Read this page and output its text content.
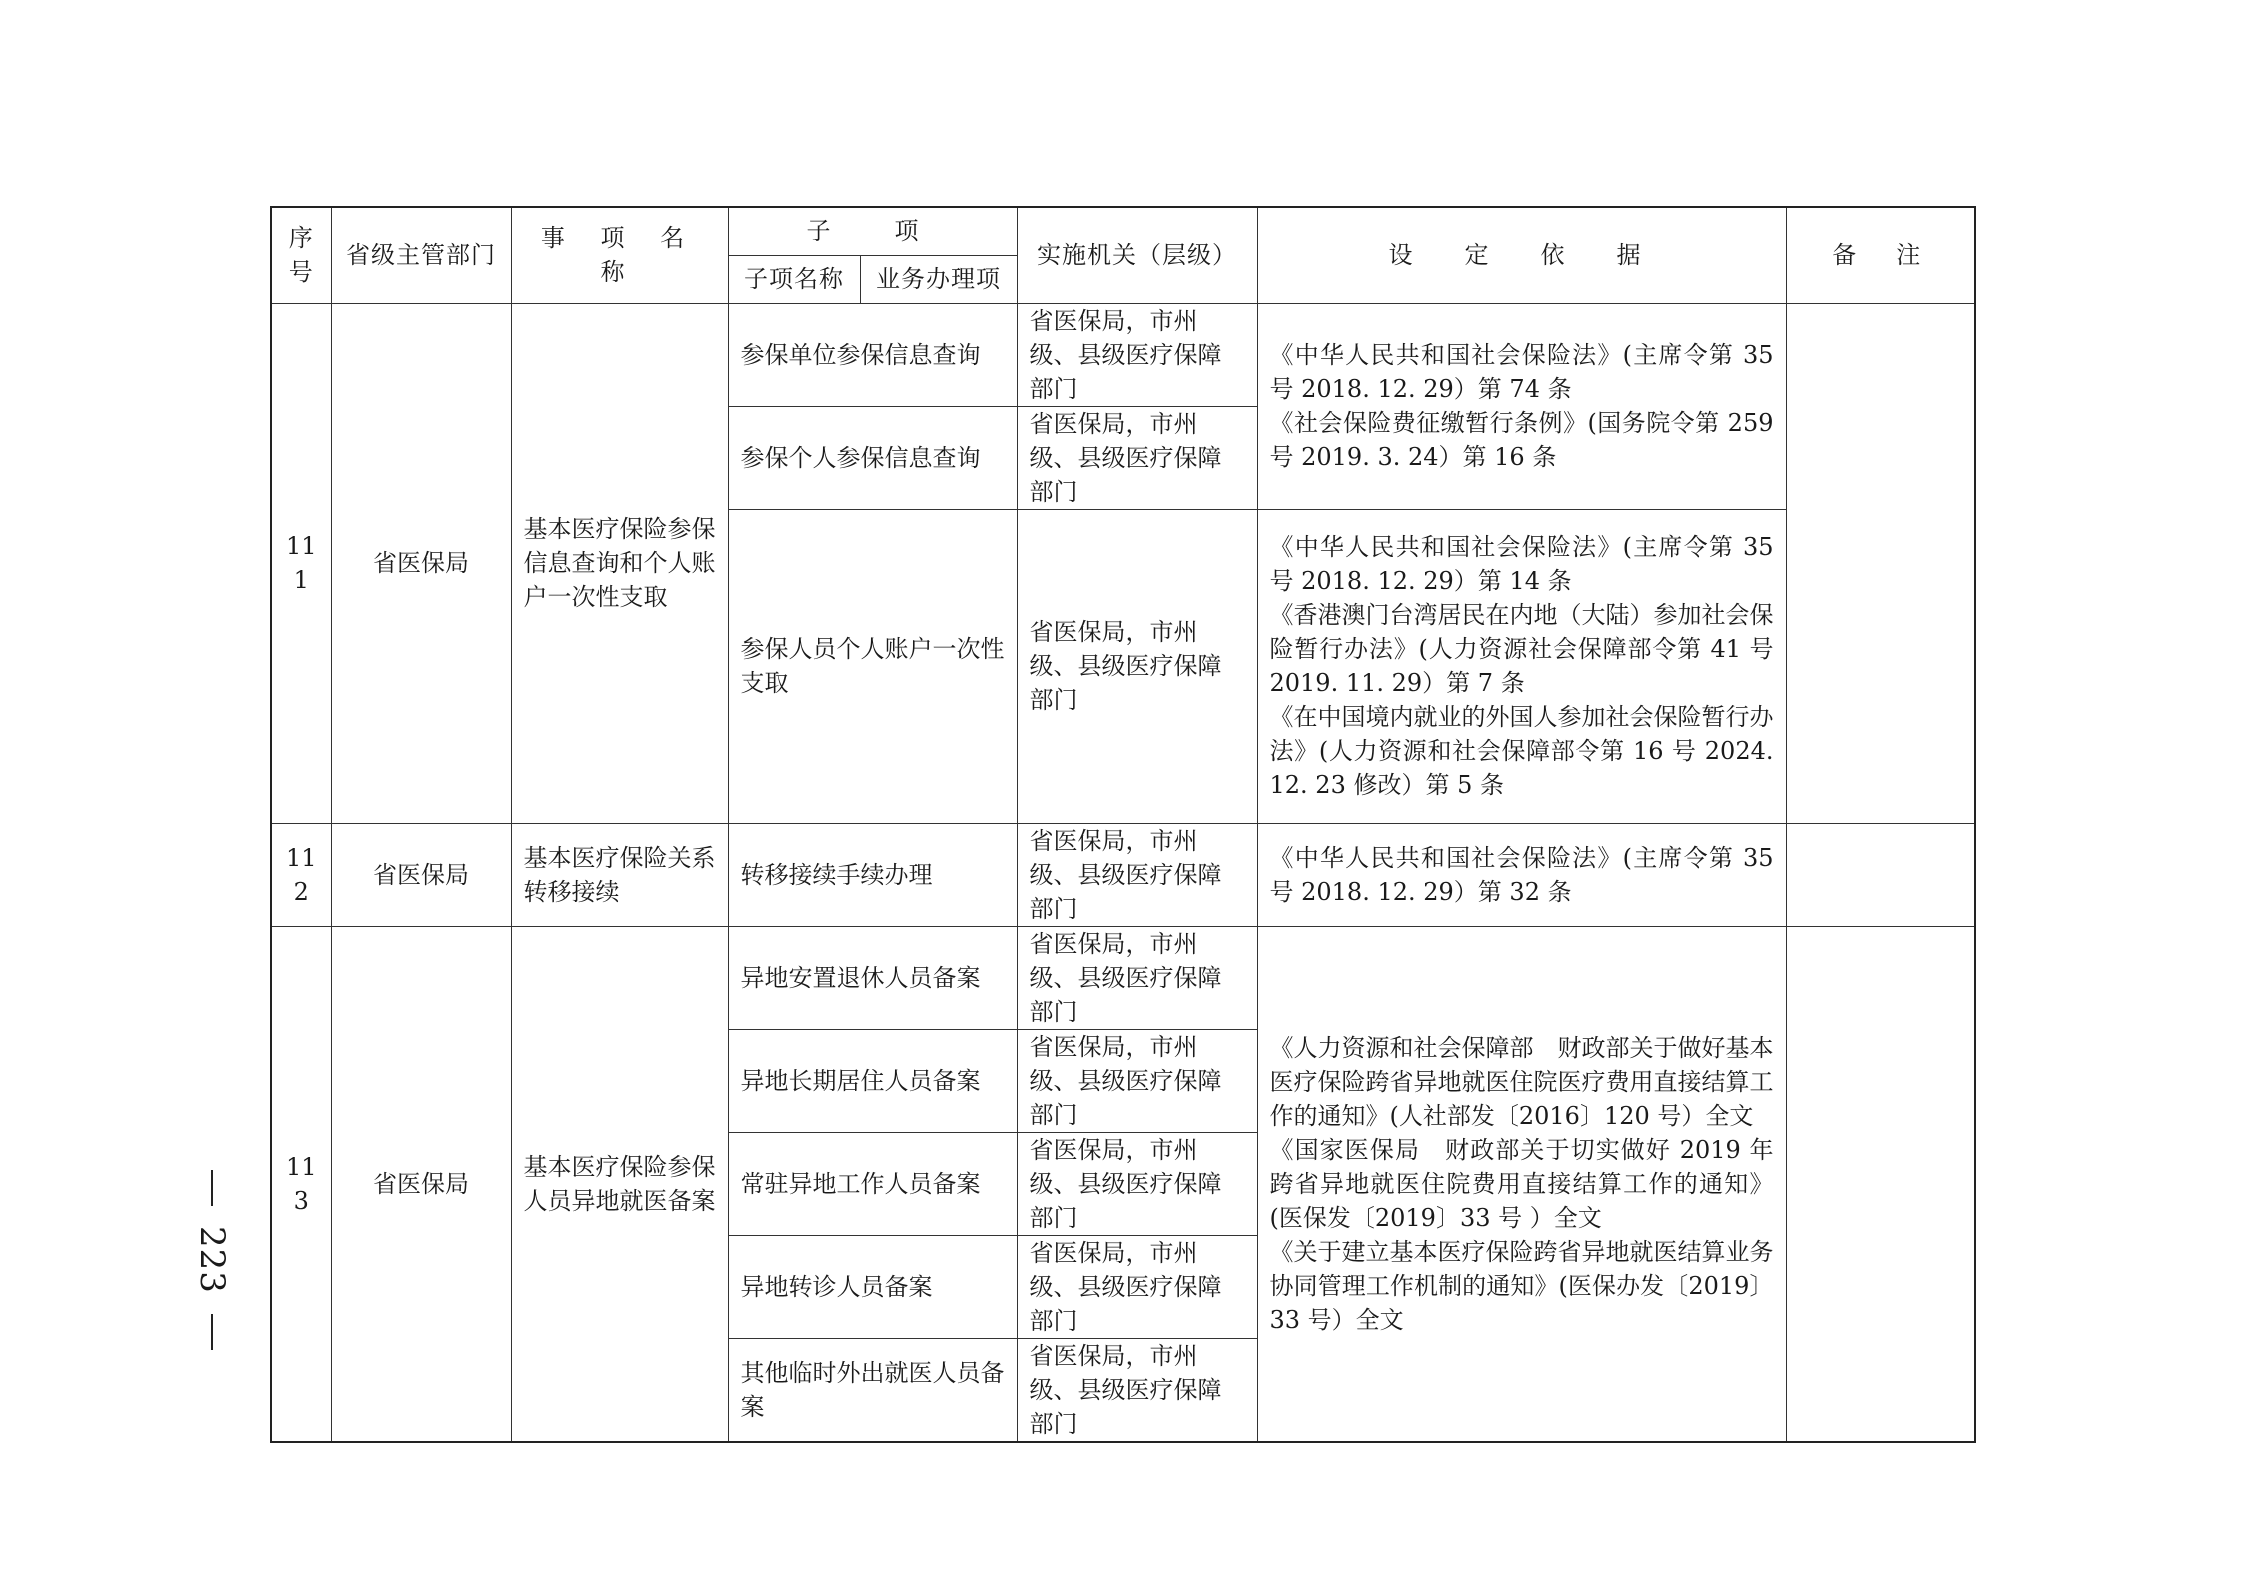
序号	省级主管部门	事 项 名 称	子　项		实施机关（层级）	设　定　依　据	备　注
			子项名称	业务办理项			
111	省医保局	基本医疗保险参保信息查询和个人账户一次性支取	参保单位参保信息查询		省医保局，市州级、县级医疗保障部门	《中华人民共和国社会保险法》(主席令第 35 号 2018. 12. 29）第 74 条
《社会保险费征缴暂行条例》(国务院令第 259 号 2019. 3. 24）第 16 条	
			参保个人参保信息查询		省医保局，市州级、县级医疗保障部门		
			参保人员个人账户一次性支取		省医保局，市州级、县级医疗保障部门	《中华人民共和国社会保险法》(主席令第 35 号 2018. 12. 29）第 14 条
《香港澳门台湾居民在内地（大陆）参加社会保险暂行办法》(人力资源社会保障部令第 41 号 2019. 11. 29）第 7 条
《在中国境内就业的外国人参加社会保险暂行办法》(人力资源和社会保障部令第 16 号 2024. 12. 23 修改）第 5 条	
112	省医保局	基本医疗保险关系转移接续	转移接续手续办理		省医保局，市州级、县级医疗保障部门	《中华人民共和国社会保险法》(主席令第 35 号 2018. 12. 29）第 32 条	
113	省医保局	基本医疗保险参保人员异地就医备案	异地安置退休人员备案		省医保局，市州级、县级医疗保障部门	《人力资源和社会保障部　财政部关于做好基本医疗保险跨省异地就医住院医疗费用直接结算工作的通知》(人社部发〔2016〕120 号）全文
《国家医保局　财政部关于切实做好 2019 年跨省异地就医住院费用直接结算工作的通知》(医保发〔2019〕33 号 ）全文
《关于建立基本医疗保险跨省异地就医结算业务协同管理工作机制的通知》(医保办发〔2019〕33 号）全文	
			异地长期居住人员备案		省医保局，市州级、县级医疗保障部门		
			常驻异地工作人员备案		省医保局，市州级、县级医疗保障部门		
			异地转诊人员备案		省医保局，市州级、县级医疗保障部门		
			其他临时外出就医人员备案		省医保局，市州级、县级医疗保障部门		
223
